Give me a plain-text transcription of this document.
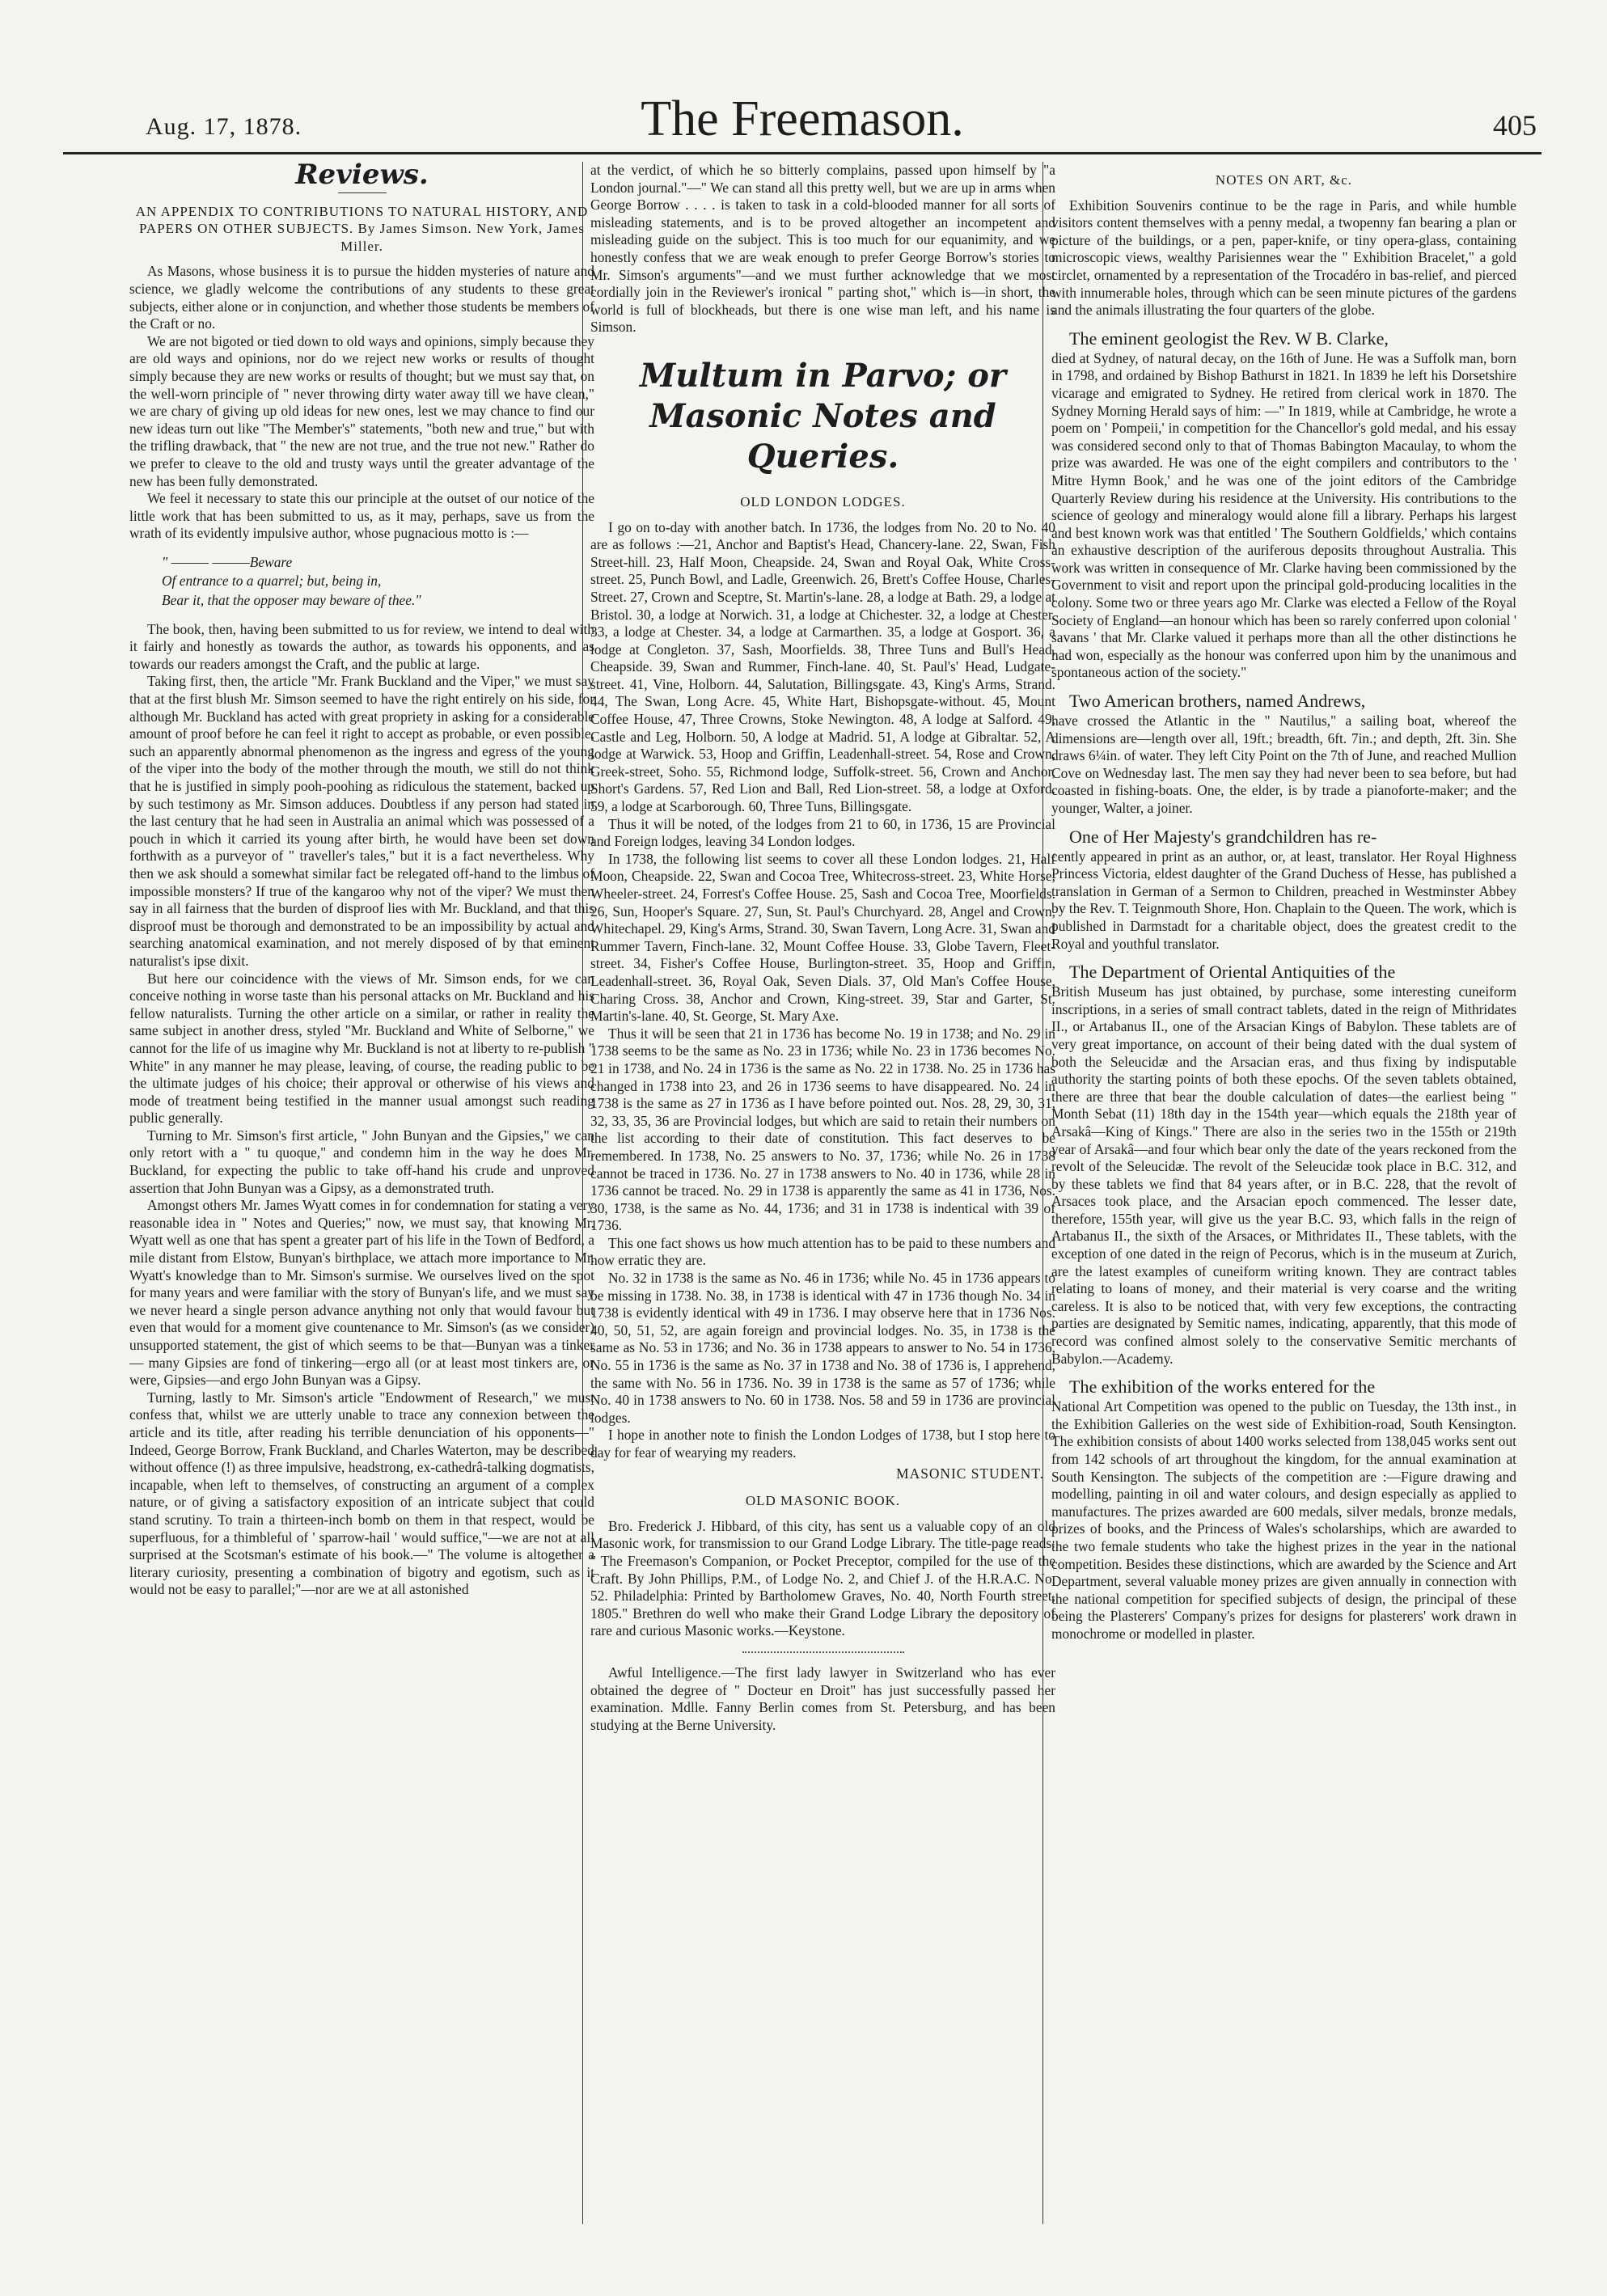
Aug. 17, 1878.	The Freemason.	405
Reviews.

AN APPENDIX TO CONTRIBUTIONS TO NATURAL HISTORY, AND PAPERS ON OTHER SUBJECTS. By James Simson. New York, James Miller.

As Masons, whose business it is to pursue the hidden mysteries of nature and science, we gladly welcome the contributions of any students to these great subjects, either alone or in conjunction, and whether those students be members of the Craft or no.

We are not bigoted or tied down to old ways and opinions, simply because they are old ways and opinions, nor do we reject new works or results of thought simply because they are new works or results of thought; but we must say that, on the well-worn principle of " never throwing dirty water away till we have clean," we are chary of giving up old ideas for new ones, lest we may chance to find our new ideas turn out like "The Member's" statements, "both new and true," but with the trifling drawback, that " the new are not true, and the true not new." Rather do we prefer to cleave to the old and trusty ways until the greater advantage of the new has been fully demonstrated.

We feel it necessary to state this our principle at the outset of our notice of the little work that has been submitted to us, as it may, perhaps, save us from the wrath of its evidently impulsive author, whose pugnacious motto is :—

" ——— ———Beware
Of entrance to a quarrel; but, being in,
Bear it, that the opposer may beware of thee."

The book, then, having been submitted to us for review, we intend to deal with it fairly and honestly as towards the author, as towards his opponents, and as towards our readers amongst the Craft, and the public at large.

Taking first, then, the article "Mr. Frank Buckland and the Viper," we must say that at the first blush Mr. Simson seemed to have the right entirely on his side, for although Mr. Buckland has acted with great propriety in asking for a considerable amount of proof before he can feel it right to accept as probable, or even possible, such an apparently abnormal phenomenon as the ingress and egress of the young of the viper into the body of the mother through the mouth, we still do not think that he is justified in simply pooh-poohing as ridiculous the statement, backed up by such testimony as Mr. Simson adduces. Doubtless if any person had stated in the last century that he had seen in Australia an animal which was possessed of a pouch in which it carried its young after birth, he would have been set down forthwith as a purveyor of " traveller's tales," but it is a fact nevertheless. Why then we ask should a somewhat similar fact be relegated off-hand to the limbus of impossible monsters? If true of the kangaroo why not of the viper? We must then say in all fairness that the burden of disproof lies with Mr. Buckland, and that this disproof must be thorough and demonstrated to be an impossibility by actual and searching anatomical examination, and not merely disposed of by that eminent naturalist's ipse dixit.

But here our coincidence with the views of Mr. Simson ends, for we can conceive nothing in worse taste than his personal attacks on Mr. Buckland and his fellow naturalists. Turning the other article on a similar, or rather in reality the same subject in another dress, styled "Mr. Buckland and White of Selborne," we cannot for the life of us imagine why Mr. Buckland is not at liberty to re-publish " White" in any manner he may please, leaving, of course, the reading public to be the ultimate judges of his choice; their approval or otherwise of his views and mode of treatment being testified in the manner usual amongst such reading public generally.

Turning to Mr. Simson's first article, " John Bunyan and the Gipsies," we can only retort with a " tu quoque," and condemn him in the way he does Mr. Buckland, for expecting the public to take off-hand his crude and unproved assertion that John Bunyan was a Gipsy, as a demonstrated truth.

Amongst others Mr. James Wyatt comes in for condemnation for stating a very reasonable idea in " Notes and Queries;" now, we must say, that knowing Mr. Wyatt well as one that has spent a greater part of his life in the Town of Bedford, a mile distant from Elstow, Bunyan's birthplace, we attach more importance to Mr. Wyatt's knowledge than to Mr. Simson's surmise. We ourselves lived on the spot for many years and were familiar with the story of Bunyan's life, and we must say we never heard a single person advance anything not only that would favour but even that would for a moment give countenance to Mr. Simson's (as we consider) unsupported statement, the gist of which seems to be that—Bunyan was a tinker — many Gipsies are fond of tinkering—ergo all (or at least most tinkers are, or were, Gipsies—and ergo John Bunyan was a Gipsy.

Turning, lastly to Mr. Simson's article "Endowment of Research," we must confess that, whilst we are utterly unable to trace any connexion between the article and its title, after reading his terrible denunciation of his opponents—" Indeed, George Borrow, Frank Buckland, and Charles Waterton, may be described without offence (!) as three impulsive, headstrong, ex-cathedrâ-talking dogmatists, incapable, when left to themselves, of constructing an argument of a complex nature, or of giving a satisfactory exposition of an intricate subject that could stand scrutiny. To train a thirteen-inch bomb on them in that respect, would be superfluous, for a thimbleful of ' sparrow-hail ' would suffice,"—we are not at all surprised at the Scotsman's estimate of his book.—" The volume is altogether a literary curiosity, presenting a combination of bigotry and egotism, such as it would not be easy to parallel;"—nor are we at all astonished

at the verdict, of which he so bitterly complains, passed upon himself by "a London journal."—" We can stand all this pretty well, but we are up in arms when George Borrow . . . . is taken to task in a cold-blooded manner for all sorts of misleading statements, and is to be proved altogether an incompetent and misleading guide on the subject. This is too much for our equanimity, and we honestly confess that we are weak enough to prefer George Borrow's stories to Mr. Simson's arguments"—and we must further acknowledge that we most cordially join in the Reviewer's ironical " parting shot," which is—in short, the world is full of blockheads, but there is one wise man left, and his name is Simson.

Multum in Parvo; or Masonic Notes and Queries.

OLD LONDON LODGES.

I go on to-day with another batch. In 1736, the lodges from No. 20 to No. 40 are as follows :—21, Anchor and Baptist's Head, Chancery-lane. 22, Swan, Fish Street-hill. 23, Half Moon, Cheapside. 24, Swan and Royal Oak, White Cross-street. 25, Punch Bowl, and Ladle, Greenwich. 26, Brett's Coffee House, Charles-Street. 27, Crown and Sceptre, St. Martin's-lane. 28, a lodge at Bath. 29, a lodge at Bristol. 30, a lodge at Norwich. 31, a lodge at Chichester. 32, a lodge at Chester. 33, a lodge at Chester. 34, a lodge at Carmarthen. 35, a lodge at Gosport. 36, a lodge at Congleton. 37, Sash, Moorfields. 38, Three Tuns and Bull's Head, Cheapside. 39, Swan and Rummer, Finch-lane. 40, St. Paul's' Head, Ludgate-street. 41, Vine, Holborn. 44, Salutation, Billingsgate. 43, King's Arms, Strand. 44, The Swan, Long Acre. 45, White Hart, Bishopsgate-without. 45, Mount Coffee House, 47, Three Crowns, Stoke Newington. 48, A lodge at Salford. 49, Castle and Leg, Holborn. 50, A lodge at Madrid. 51, A lodge at Gibraltar. 52, A lodge at Warwick. 53, Hoop and Griffin, Leadenhall-street. 54, Rose and Crown, Greek-street, Soho. 55, Richmond lodge, Suffolk-street. 56, Crown and Anchor, Short's Gardens. 57, Red Lion and Ball, Red Lion-street. 58, a lodge at Oxford. 59, a lodge at Scarborough. 60, Three Tuns, Billingsgate.

Thus it will be noted, of the lodges from 21 to 60, in 1736, 15 are Provincial and Foreign lodges, leaving 34 London lodges.

In 1738, the following list seems to cover all these London lodges. 21, Half Moon, Cheapside. 22, Swan and Cocoa Tree, Whitecross-street. 23, White Horse, Wheeler-street. 24, Forrest's Coffee House. 25, Sash and Cocoa Tree, Moorfields. 26, Sun, Hooper's Square. 27, Sun, St. Paul's Churchyard. 28, Angel and Crown, Whitechapel. 29, King's Arms, Strand. 30, Swan Tavern, Long Acre. 31, Swan and Rummer Tavern, Finch-lane. 32, Mount Coffee House. 33, Globe Tavern, Fleet-street. 34, Fisher's Coffee House, Burlington-street. 35, Hoop and Griffin, Leadenhall-street. 36, Royal Oak, Seven Dials. 37, Old Man's Coffee House, Charing Cross. 38, Anchor and Crown, King-street. 39, Star and Garter, St. Martin's-lane. 40, St. George, St. Mary Axe.

Thus it will be seen that 21 in 1736 has become No. 19 in 1738; and No. 29 in 1738 seems to be the same as No. 23 in 1736; while No. 23 in 1736 becomes No. 21 in 1738, and No. 24 in 1736 is the same as No. 22 in 1738. No. 25 in 1736 has changed in 1738 into 23, and 26 in 1736 seems to have disappeared. No. 24 in 1738 is the same as 27 in 1736 as I have before pointed out. Nos. 28, 29, 30, 31, 32, 33, 35, 36 are Provincial lodges, but which are said to retain their numbers on the list according to their date of constitution. This fact deserves to be remembered. In 1738, No. 25 answers to No. 37, 1736; while No. 26 in 1738 cannot be traced in 1736. No. 27 in 1738 answers to No. 40 in 1736, while 28 in 1736 cannot be traced. No. 29 in 1738 is apparently the same as 41 in 1736, Nos. 30, 1738, is the same as No. 44, 1736; and 31 in 1738 is indentical with 39 of 1736.

This one fact shows us how much attention has to be paid to these numbers and how erratic they are.

No. 32 in 1738 is the same as No. 46 in 1736; while No. 45 in 1736 appears to be missing in 1738. No. 38, in 1738 is identical with 47 in 1736 though No. 34 in 1738 is evidently identical with 49 in 1736. I may observe here that in 1736 Nos. 40, 50, 51, 52, are again foreign and provincial lodges. No. 35, in 1738 is the same as No. 53 in 1736; and No. 36 in 1738 appears to answer to No. 54 in 1736, No. 55 in 1736 is the same as No. 37 in 1738 and No. 38 of 1736 is, I apprehend, the same with No. 56 in 1736. No. 39 in 1738 is the same as 57 of 1736; while No. 40 in 1738 answers to No. 60 in 1738. Nos. 58 and 59 in 1736 are provincial lodges.

I hope in another note to finish the London Lodges of 1738, but I stop here to day for fear of wearying my readers.

MASONIC STUDENT.

OLD MASONIC BOOK.

Bro. Frederick J. Hibbard, of this city, has sent us a valuable copy of an old Masonic work, for transmission to our Grand Lodge Library. The title-page reads: " The Freemason's Companion, or Pocket Preceptor, compiled for the use of the Craft. By John Phillips, P.M., of Lodge No. 2, and Chief J. of the H.R.A.C. No. 52. Philadelphia: Printed by Bartholomew Graves, No. 40, North Fourth street, 1805." Brethren do well who make their Grand Lodge Library the depository of rare and curious Masonic works.—Keystone.

Awful Intelligence.—The first lady lawyer in Switzerland who has ever obtained the degree of " Docteur en Droit" has just successfully passed her examination. Mdlle. Fanny Berlin comes from St. Petersburg, and has been studying at the Berne University.

NOTES ON ART, &c.

Exhibition Souvenirs continue to be the rage in Paris, and while humble visitors content themselves with a penny medal, a twopenny fan bearing a plan or picture of the buildings, or a pen, paper-knife, or tiny opera-glass, containing microscopic views, wealthy Parisiennes wear the " Exhibition Bracelet," a gold circlet, ornamented by a representation of the Trocadéro in bas-relief, and pierced with innumerable holes, through which can be seen minute pictures of the gardens and the animals illustrating the four quarters of the globe.

The eminent geologist the Rev. W B. Clarke,

died at Sydney, of natural decay, on the 16th of June. He was a Suffolk man, born in 1798, and ordained by Bishop Bathurst in 1821. In 1839 he left his Dorsetshire vicarage and emigrated to Sydney. He retired from clerical work in 1870. The Sydney Morning Herald says of him: —" In 1819, while at Cambridge, he wrote a poem on ' Pompeii,' in competition for the Chancellor's gold medal, and his essay was considered second only to that of Thomas Babington Macaulay, to whom the prize was awarded. He was one of the eight compilers and contributors to the ' Mitre Hymn Book,' and he was one of the joint editors of the Cambridge Quarterly Review during his residence at the University. His contributions to the science of geology and mineralogy would alone fill a library. Perhaps his largest and best known work was that entitled ' The Southern Goldfields,' which contains an exhaustive description of the auriferous deposits throughout Australia. This work was written in consequence of Mr. Clarke having been commissioned by the Government to visit and report upon the principal gold-producing localities in the colony. Some two or three years ago Mr. Clarke was elected a Fellow of the Royal Society of England—an honour which has been so rarely conferred upon colonial ' savans ' that Mr. Clarke valued it perhaps more than all the other distinctions he had won, especially as the honour was conferred upon him by the unanimous and spontaneous action of the society."

Two American brothers, named Andrews,

have crossed the Atlantic in the " Nautilus," a sailing boat, whereof the dimensions are—length over all, 19ft.; breadth, 6ft. 7in.; and depth, 2ft. 3in. She draws 6¼in. of water. They left City Point on the 7th of June, and reached Mullion Cove on Wednesday last. The men say they had never been to sea before, but had coasted in fishing-boats. One, the elder, is by trade a pianoforte-maker; and the younger, Walter, a joiner.

One of Her Majesty's grandchildren has re-

cently appeared in print as an author, or, at least, translator. Her Royal Highness Princess Victoria, eldest daughter of the Grand Duchess of Hesse, has published a translation in German of a Sermon to Children, preached in Westminster Abbey by the Rev. T. Teignmouth Shore, Hon. Chaplain to the Queen. The work, which is published in Darmstadt for a charitable object, does the greatest credit to the Royal and youthful translator.

The Department of Oriental Antiquities of the

British Museum has just obtained, by purchase, some interesting cuneiform inscriptions, in a series of small contract tablets, dated in the reign of Mithridates II., or Artabanus II., one of the Arsacian Kings of Babylon. These tablets are of very great importance, on account of their being dated with the dual system of both the Seleucidæ and the Arsacian eras, and thus fixing by indisputable authority the starting points of both these epochs. Of the seven tablets obtained, there are three that bear the double calculation of dates—the earliest being " Month Sebat (11) 18th day in the 154th year—which equals the 218th year of Arsakâ—King of Kings." There are also in the series two in the 155th or 219th year of Arsakâ—and four which bear only the date of the years reckoned from the revolt of the Seleucidæ. The revolt of the Seleucidæ took place in B.C. 312, and by these tablets we find that 84 years after, or in B.C. 228, that the revolt of Arsaces took place, and the Arsacian epoch commenced. The lesser date, therefore, 155th year, will give us the year B.C. 93, which falls in the reign of Artabanus II., the sixth of the Arsaces, or Mithridates II., These tablets, with the exception of one dated in the reign of Pecorus, which is in the museum at Zurich, are the latest examples of cuneiform writing known. They are contract tables relating to loans of money, and their material is very coarse and the writing careless. It is also to be noticed that, with very few exceptions, the contracting parties are designated by Semitic names, indicating, apparently, that this mode of record was confined almost solely to the conservative Semitic merchants of Babylon.—Academy.

The exhibition of the works entered for the

National Art Competition was opened to the public on Tuesday, the 13th inst., in the Exhibition Galleries on the west side of Exhibition-road, South Kensington. The exhibition consists of about 1400 works selected from 138,045 works sent out from 142 schools of art throughout the kingdom, for the annual examination at South Kensington. The subjects of the competition are :—Figure drawing and modelling, painting in oil and water colours, and design especially as applied to manufactures. The prizes awarded are 600 medals, silver medals, bronze medals, prizes of books, and the Princess of Wales's scholarships, which are awarded to the two female students who take the highest prizes in the year in the national competition. Besides these distinctions, which are awarded by the Science and Art Department, several valuable money prizes are given annually in connection with the national competition for specified subjects of design, the principal of these being the Plasterers' Company's prizes for designs for plasterers' work drawn in monochrome or modelled in plaster.
